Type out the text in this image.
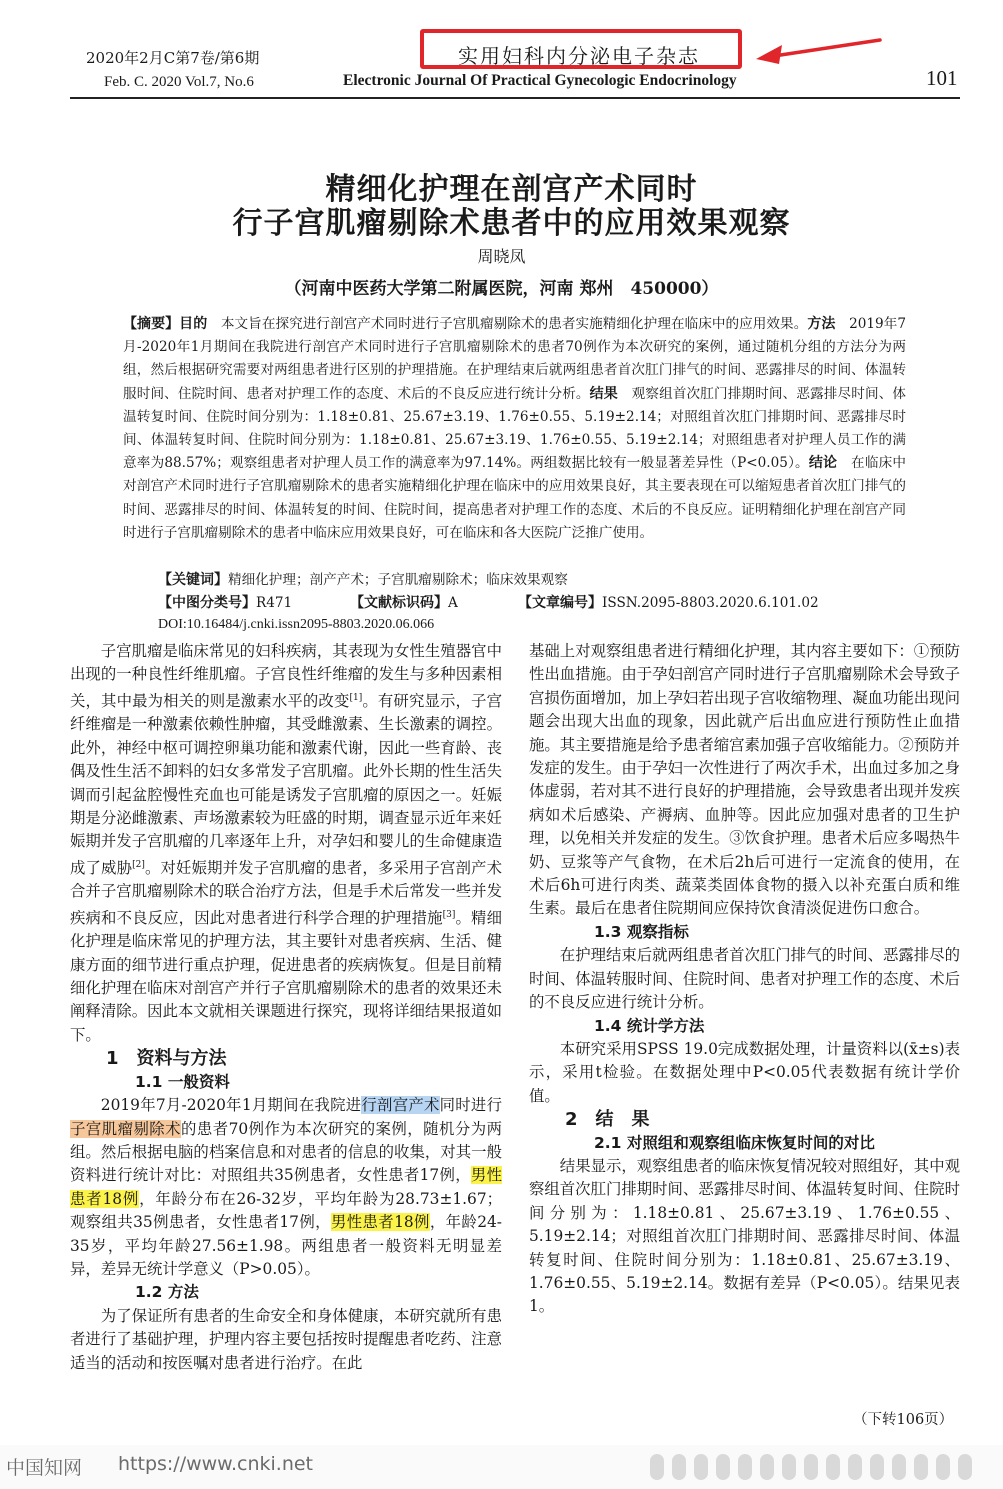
2020年2月C第7卷/第6期
Feb. C. 2020 Vol.7, No.6
实用妇科内分泌电子杂志
Electronic Journal Of Practical Gynecologic Endocrinology	101
精细化护理在剖宫产术同时
行子宫肌瘤剔除术患者中的应用效果观察
周晓凤
（河南中医药大学第二附属医院，河南 郑州　450000）
【摘要】目的　本文旨在探究进行剖宫产术同时进行子宫肌瘤剔除术的患者实施精细化护理在临床中的应用效果。方法　2019年7月-2020年1月期间在我院进行剖宫产术同时进行子宫肌瘤剔除术的患者70例作为本次研究的案例，通过随机分组的方法分为两组，然后根据研究需要对两组患者进行区别的护理措施。在护理结束后就两组患者首次肛门排气的时间、恶露排尽的时间、体温转服时间、住院时间、患者对护理工作的态度、术后的不良反应进行统计分析。结果　观察组首次肛门排期时间、恶露排尽时间、体温转复时间、住院时间分别为：1.18±0.81、25.67±3.19、1.76±0.55、5.19±2.14；对照组首次肛门排期时间、恶露排尽时间、体温转复时间、住院时间分别为：1.18±0.81、25.67±3.19、1.76±0.55、5.19±2.14；对照组患者对护理人员工作的满意率为88.57%；观察组患者对护理人员工作的满意率为97.14%。两组数据比较有一般显著差异性（P<0.05）。结论　在临床中对剖宫产术同时进行子宫肌瘤剔除术的患者实施精细化护理在临床中的应用效果良好，其主要表现在可以缩短患者首次肛门排气的时间、恶露排尽的时间、体温转复的时间、住院时间，提高患者对护理工作的态度、术后的不良反应。证明精细化护理在剖宫产同时进行子宫肌瘤剔除术的患者中临床应用效果良好，可在临床和各大医院广泛推广使用。
【关键词】精细化护理；剖产产术；子宫肌瘤剔除术；临床效果观察
【中图分类号】R471	【文献标识码】A	【文章编号】ISSN.2095-8803.2020.6.101.02
DOI:10.16484/j.cnki.issn2095-8803.2020.06.066

子宫肌瘤是临床常见的妇科疾病，其表现为女性生殖器官中出现的一种良性纤维肌瘤。子宫良性纤维瘤的发生与多种因素相关，其中最为相关的则是激素水平的改变[1]。有研究显示，子宫纤维瘤是一种激素依赖性肿瘤，其受雌激素、生长激素的调控。此外，神经中枢可调控卵巢功能和激素代谢，因此一些育龄、丧偶及性生活不卸料的妇女多常发子宫肌瘤。此外长期的性生活失调而引起盆腔慢性充血也可能是诱发子宫肌瘤的原因之一。妊娠期是分泌雌激素、声场激素较为旺盛的时期，调查显示近年来妊娠期并发子宫肌瘤的几率逐年上升，对孕妇和婴儿的生命健康造成了威胁[2]。对妊娠期并发子宫肌瘤的患者，多采用子宫剖产术合并子宫肌瘤剔除术的联合治疗方法，但是手术后常发一些并发疾病和不良反应，因此对患者进行科学合理的护理措施[3]。精细化护理是临床常见的护理方法，其主要针对患者疾病、生活、健康方面的细节进行重点护理，促进患者的疾病恢复。但是目前精细化护理在临床对剖宫产并行子宫肌瘤剔除术的患者的效果还未阐释清除。因此本文就相关课题进行探究，现将详细结果报道如下。

1　资料与方法

1.1 一般资料

2019年7月-2020年1月期间在我院进行剖宫产术同时进行子宫肌瘤剔除术的患者70例作为本次研究的案例，随机分为两组。然后根据电脑的档案信息和对患者的信息的收集，对其一般资料进行统计对比：对照组共35例患者，女性患者17例，男性患者18例，年龄分布在26-32岁，平均年龄为28.73±1.67；观察组共35例患者，女性患者17例，男性患者18例，年龄24-35岁，平均年龄27.56±1.98。两组患者一般资料无明显差异，差异无统计学意义（P>0.05）。

1.2 方法

为了保证所有患者的生命安全和身体健康，本研究就所有患者进行了基础护理，护理内容主要包括按时提醒患者吃药、注意适当的活动和按医嘱对患者进行治疗。在此

基础上对观察组患者进行精细化护理，其内容主要如下：①预防性出血措施。由于孕妇剖宫产同时进行子宫肌瘤剔除术会导致子宫损伤面增加，加上孕妇若出现子宫收缩物理、凝血功能出现问题会出现大出血的现象，因此就产后出血应进行预防性止血措施。其主要措施是给予患者缩宫素加强子宫收缩能力。②预防并发症的发生。由于孕妇一次性进行了两次手术，出血过多加之身体虚弱，若对其不进行良好的护理措施，会导致患者出现并发疾病如术后感染、产褥病、血肿等。因此应加强对患者的卫生护理，以免相关并发症的发生。③饮食护理。患者术后应多喝热牛奶、豆浆等产气食物，在术后2h后可进行一定流食的使用，在术后6h可进行肉类、蔬菜类固体食物的摄入以补充蛋白质和维生素。最后在患者住院期间应保持饮食清淡促进伤口愈合。

1.3 观察指标

在护理结束后就两组患者首次肛门排气的时间、恶露排尽的时间、体温转服时间、住院时间、患者对护理工作的态度、术后的不良反应进行统计分析。

1.4 统计学方法

本研究采用SPSS 19.0完成数据处理，计量资料以(x̄±s)表示，采用t检验。在数据处理中P<0.05代表数据有统计学价值。

2　结　果

2.1 对照组和观察组临床恢复时间的对比

结果显示，观察组患者的临床恢复情况较对照组好，其中观察组首次肛门排期时间、恶露排尽时间、体温转复时间、住院时间分别为：1.18±0.81、25.67±3.19、1.76±0.55、5.19±2.14；对照组首次肛门排期时间、恶露排尽时间、体温转复时间、住院时间分别为：1.18±0.81、25.67±3.19、1.76±0.55、5.19±2.14。数据有差异（P<0.05）。结果见表1。

（下转106页）
中国知网 https://www.cnki.net
